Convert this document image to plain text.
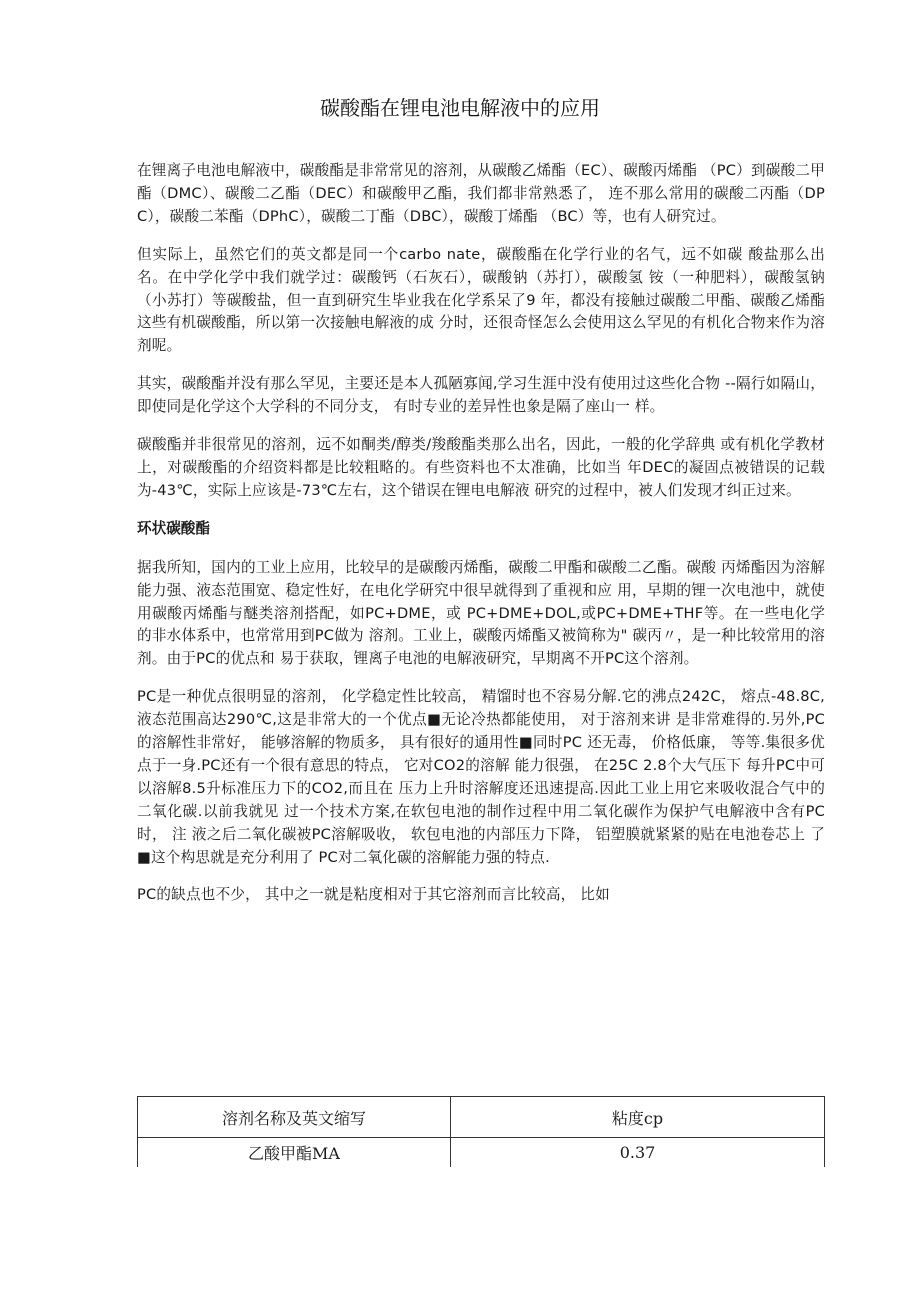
碳酸酯在锂电池电解液中的应用

在锂离子电池电解液中，碳酸酯是非常常见的溶剂，从碳酸乙烯酯（EC）、碳酸丙烯酯 （PC）到碳酸二甲酯（DMC）、碳酸二乙酯（DEC）和碳酸甲乙酯，我们都非常熟悉了， 连不那么常用的碳酸二丙酯（DPC），碳酸二苯酯（DPhC），碳酸二丁酯（DBC），碳酸丁烯酯 （BC）等，也有人研究过。

但实际上，虽然它们的英文都是同一个carbo nate，碳酸酯在化学行业的名气，远不如碳 酸盐那么出名。在中学化学中我们就学过：碳酸钙（石灰石），碳酸钠（苏打），碳酸氢 铵（一种肥料），碳酸氢钠（小苏打）等碳酸盐，但一直到研究生毕业我在化学系呆了9 年，都没有接触过碳酸二甲酯、碳酸乙烯酯这些有机碳酸酯，所以第一次接触电解液的成 分时，还很奇怪怎么会使用这么罕见的有机化合物来作为溶剂呢。

其实，碳酸酯并没有那么罕见，主要还是本人孤陋寡闻,学习生涯中没有使用过这些化合物 --隔行如隔山，即使同是化学这个大学科的不同分支， 有时专业的差异性也象是隔了座山一 样。

碳酸酯并非很常见的溶剂，远不如酮类/醇类/羧酸酯类那么出名，因此，一般的化学辞典 或有机化学教材上，对碳酸酯的介绍资料都是比较粗略的。有些资料也不太准确，比如当 年DEC的凝固点被错误的记载为-43℃，实际上应该是-73℃左右，这个错误在锂电电解液 研究的过程中，被人们发现才纠正过来。

环状碳酸酯

据我所知，国内的工业上应用，比较早的是碳酸丙烯酯，碳酸二甲酯和碳酸二乙酯。碳酸 丙烯酯因为溶解能力强、液态范围宽、稳定性好，在电化学研究中很早就得到了重视和应 用，早期的锂一次电池中，就使用碳酸丙烯酯与醚类溶剂搭配，如PC+DME，或 PC+DME+DOL,或PC+DME+THF等。在一些电化学的非水体系中，也常常用到PC做为 溶剂。工业上，碳酸丙烯酯又被简称为" 碳丙〃，是一种比较常用的溶剂。由于PC的优点和 易于获取，锂离子电池的电解液研究，早期离不开PC这个溶剂。

PC是一种优点很明显的溶剂， 化学稳定性比较高， 精馏时也不容易分解.它的沸点242C， 熔点-48.8C,液态范围高达290℃,这是非常大的一个优点■无论冷热都能使用， 对于溶剂来讲 是非常难得的.另外,PC的溶解性非常好， 能够溶解的物质多， 具有很好的通用性■同时PC 还无毒， 价格低廉， 等等.集很多优点于一身.PC还有一个很有意思的特点， 它对CO2的溶解 能力很强， 在25C 2.8个大气压下 每升PC中可以溶解8.5升标准压力下的CO2,而且在 压力上升时溶解度还迅速提高.因此工业上用它来吸收混合气中的二氧化碳.以前我就见 过一个技术方案,在软包电池的制作过程中用二氧化碳作为保护气电解液中含有PC时， 注 液之后二氧化碳被PC溶解吸收， 软包电池的内部压力下降， 铝塑膜就紧紧的贴在电池卷芯上 了■这个构思就是充分利用了 PC对二氧化碳的溶解能力强的特点.

PC的缺点也不少， 其中之一就是粘度相对于其它溶剂而言比较高， 比如

溶剂名称及英文缩写	粘度cp
乙酸甲酯MA	0.37
